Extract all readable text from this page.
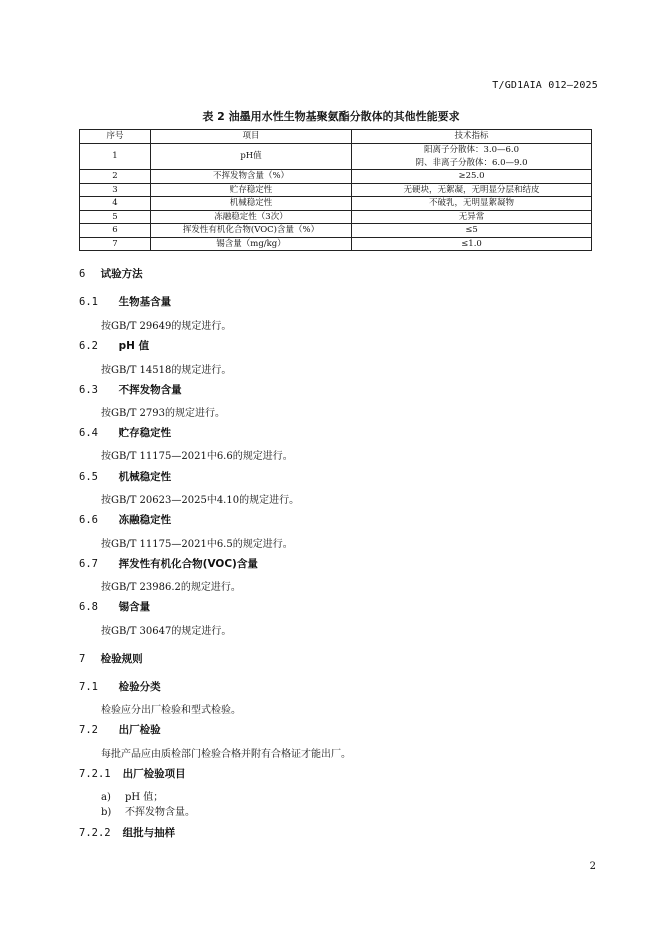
T/GD1AIA 012—2025
表 2 油墨用水性生物基聚氨酯分散体的其他性能要求
序号	项目	技术指标
1	pH值	阳离子分散体：3.0—6.0
阴、非离子分散体：6.0—9.0

2	不挥发物含量（%）	≥25.0
3	贮存稳定性	无硬块，无絮凝，无明显分层和结皮
4	机械稳定性	不破乳，无明显絮凝物
5	冻融稳定性（3次）	无异常
6	挥发性有机化合物(VOC)含量（%）	≤5
7	锡含量（mg/kg）	≤1.0
6 试验方法
6.1 生物基含量
按GB/T 29649的规定进行。
6.2 pH 值
按GB/T 14518的规定进行。
6.3 不挥发物含量
按GB/T 2793的规定进行。
6.4 贮存稳定性
按GB/T 11175—2021中6.6的规定进行。
6.5 机械稳定性
按GB/T 20623—2025中4.10的规定进行。
6.6 冻融稳定性
按GB/T 11175—2021中6.5的规定进行。
6.7 挥发性有机化合物(VOC)含量
按GB/T 23986.2的规定进行。
6.8 锡含量
按GB/T 30647的规定进行。
7 检验规则
7.1 检验分类
检验应分出厂检验和型式检验。
7.2 出厂检验
每批产品应由质检部门检验合格并附有合格证才能出厂。
7.2.1 出厂检验项目
a) pH 值；
b) 不挥发物含量。
7.2.2 组批与抽样
2
